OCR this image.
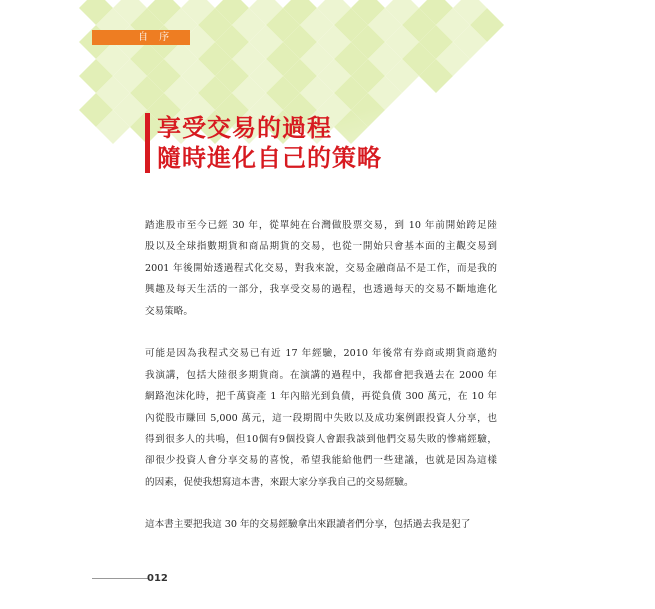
自 序
享受交易的過程
隨時進化自己的策略
踏進股市至今已經 30 年，從單純在台灣做股票交易，到 10 年前開始跨足陸
股以及全球指數期貨和商品期貨的交易，也從一開始只會基本面的主觀交易到
2001 年後開始透過程式化交易，對我來說，交易金融商品不是工作，而是我的
興趣及每天生活的一部分，我享受交易的過程，也透過每天的交易不斷地進化
交易策略。
可能是因為我程式交易已有近 17 年經驗，2010 年後常有券商或期貨商邀約
我演講，包括大陸很多期貨商。在演講的過程中，我都會把我過去在 2000 年
網路泡沫化時，把千萬資產 1 年內賠光到負債，再從負債 300 萬元，在 10 年
內從股市賺回 5,000 萬元，這一段期間中失敗以及成功案例跟投資人分享，也
得到很多人的共鳴，但10個有9個投資人會跟我談到他們交易失敗的慘痛經驗，
卻很少投資人會分享交易的喜悅，希望我能給他們一些建議，也就是因為這樣
的因素，促使我想寫這本書，來跟大家分享我自己的交易經驗。
這本書主要把我這 30 年的交易經驗拿出來跟讀者們分享，包括過去我是犯了
012
